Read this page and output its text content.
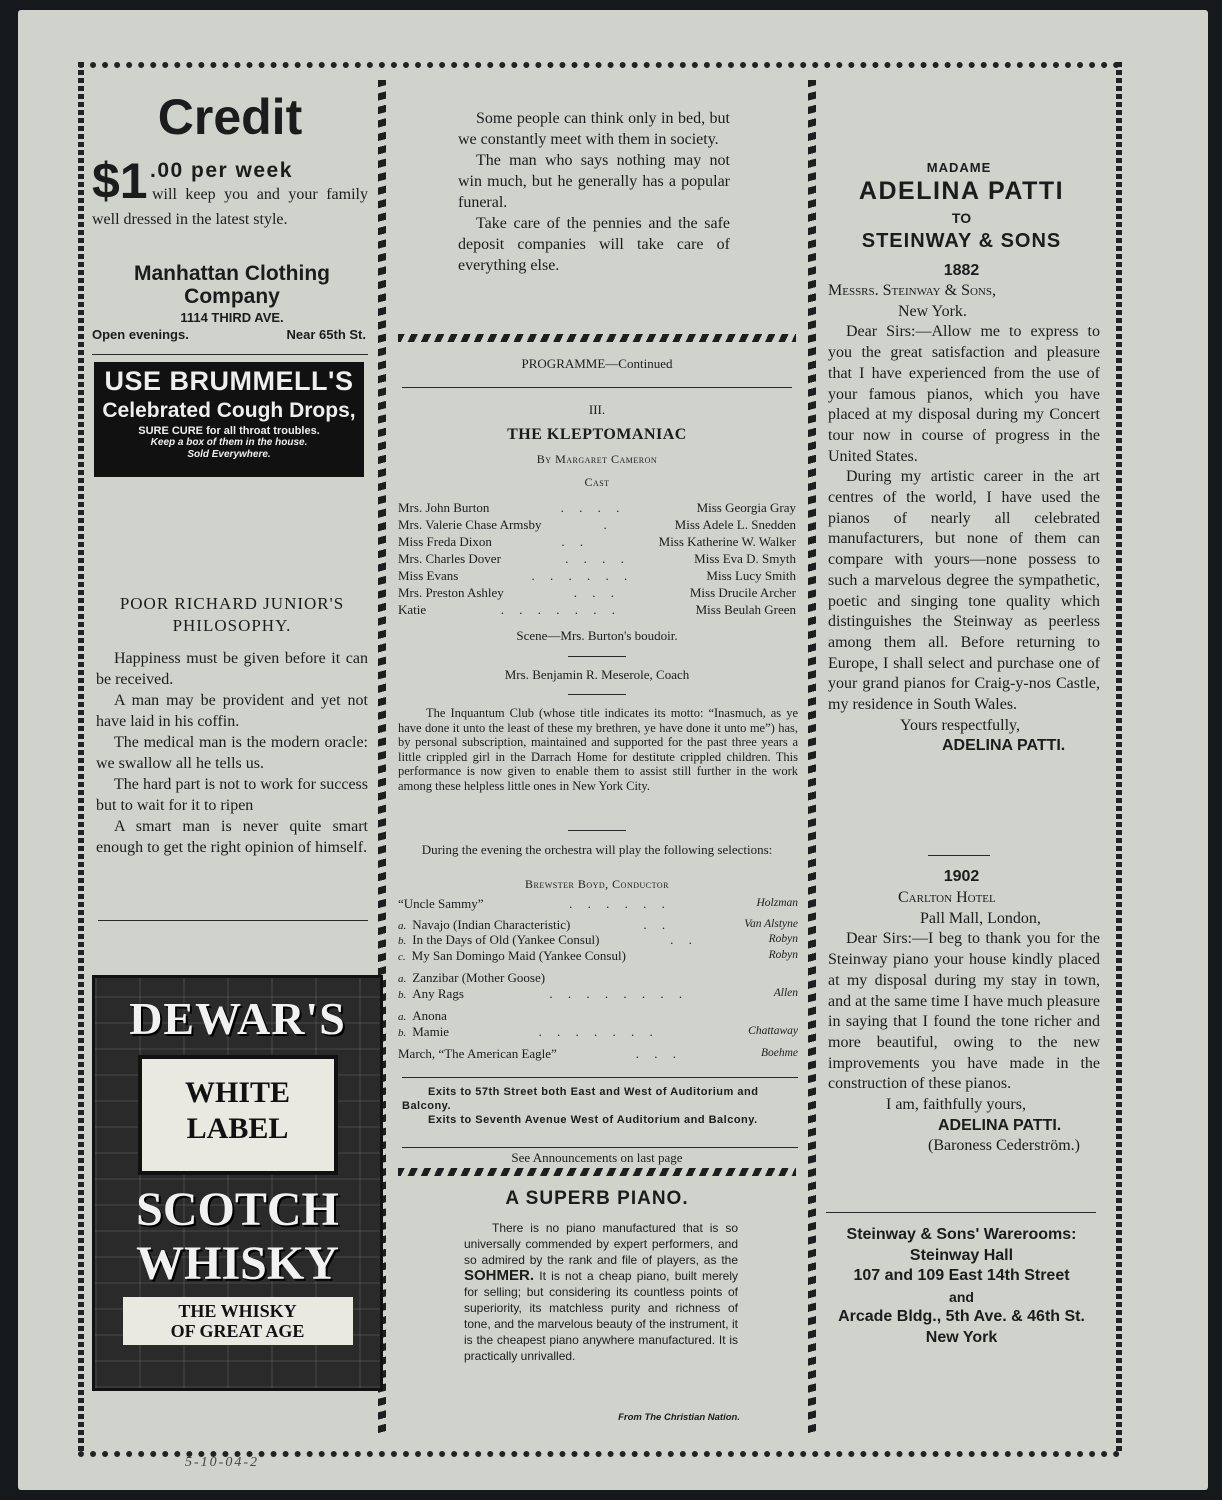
Credit
$1 .00 per week
will keep you and your family well dressed in the latest style.
Manhattan Clothing Company
1114 THIRD AVE.
Open evenings.	Near 65th St.
USE BRUMMELL'S
Celebrated Cough Drops,
SURE CURE for all throat troubles.
Keep a box of them in the house.
Sold Everywhere.
POOR RICHARD JUNIOR'S PHILOSOPHY.

Happiness must be given before it can be received.

A man may be provident and yet not have laid in his coffin.

The medical man is the modern oracle: we swallow all he tells us.

The hard part is not to work for success but to wait for it to ripen

A smart man is never quite smart enough to get the right opinion of himself.

DEWAR'S
WHITE
LABEL
SCOTCH
WHISKY
THE WHISKY
OF GREAT AGE

Some people can think only in bed, but we constantly meet with them in society.

The man who says nothing may not win much, but he generally has a popular funeral.

Take care of the pennies and the safe deposit companies will take care of everything else.

PROGRAMME—Continued
III.
THE KLEPTOMANIAC
By Margaret Cameron
Cast
Mrs. John Burton	. . . .	Miss Georgia Gray
Mrs. Valerie Chase Armsby	.	Miss Adele L. Snedden
Miss Freda Dixon	. .	Miss Katherine W. Walker
Mrs. Charles Dover	. . . .	Miss Eva D. Smyth
Miss Evans	. . . . . .	Miss Lucy Smith
Mrs. Preston Ashley	. . .	Miss Drucile Archer
Katie	. . . . . . .	Miss Beulah Green
Scene—Mrs. Burton's boudoir.
Mrs. Benjamin R. Meserole, Coach
The Inquantum Club (whose title indicates its motto: “Inasmuch, as ye have done it unto the least of these my brethren, ye have done it unto me”) has, by personal subscription, maintained and supported for the past three years a little crippled girl in the Darrach Home for destitute crippled children. This performance is now given to enable them to assist still further in the work among these helpless little ones in New York City.
During the evening the orchestra will play the following selections:
Brewster Boyd, Conductor
“Uncle Sammy”	. . . . . .	Holzman
a. Navajo (Indian Characteristic)	. .	Van Alstyne
b. In the Days of Old (Yankee Consul)	. .	Robyn
c. My San Domingo Maid (Yankee Consul)	Robyn
a. Zanzibar (Mother Goose)
b. Any Rags	. . . . . . . .	Allen
a. Anona
b. Mamie	. . . . . . .	Chattaway
March, “The American Eagle”	. . .	Boehme

Exits to 57th Street both East and West of Auditorium and Balcony.

Exits to Seventh Avenue West of Auditorium and Balcony.

See Announcements on last page
A SUPERB PIANO.
There is no piano manufactured that is so universally commended by expert performers, and so admired by the rank and file of players, as the SOHMER. It is not a cheap piano, built merely for selling; but considering its countless points of superiority, its matchless purity and richness of tone, and the marvelous beauty of the instrument, it is the cheapest piano anywhere manufactured. It is practically unrivalled.
From The Christian Nation.
MADAME
ADELINA PATTI
TO
STEINWAY & SONS
1882

Messrs. Steinway & Sons,

New York.

Dear Sirs:—Allow me to express to you the great satisfaction and pleasure that I have experienced from the use of your famous pianos, which you have placed at my disposal during my Concert tour now in course of progress in the United States.

During my artistic career in the art centres of the world, I have used the pianos of nearly all celebrated manufacturers, but none of them can compare with yours—none possess to such a marvelous degree the sympathetic, poetic and singing tone quality which distinguishes the Steinway as peerless among them all. Before returning to Europe, I shall select and purchase one of your grand pianos for Craig-y-nos Castle, my residence in South Wales.

Yours respectfully,

ADELINA PATTI.

1902

Carlton Hotel

Pall Mall, London,

Dear Sirs:—I beg to thank you for the Steinway piano your house kindly placed at my disposal during my stay in town, and at the same time I have much pleasure in saying that I found the tone richer and more beautiful, owing to the new improvements you have made in the construction of these pianos.

I am, faithfully yours,

ADELINA PATTI.

(Baroness Cederström.)

Steinway & Sons' Warerooms:
Steinway Hall
107 and 109 East 14th Street
and
Arcade Bldg., 5th Ave. & 46th St.
New York
5-10-04-2
